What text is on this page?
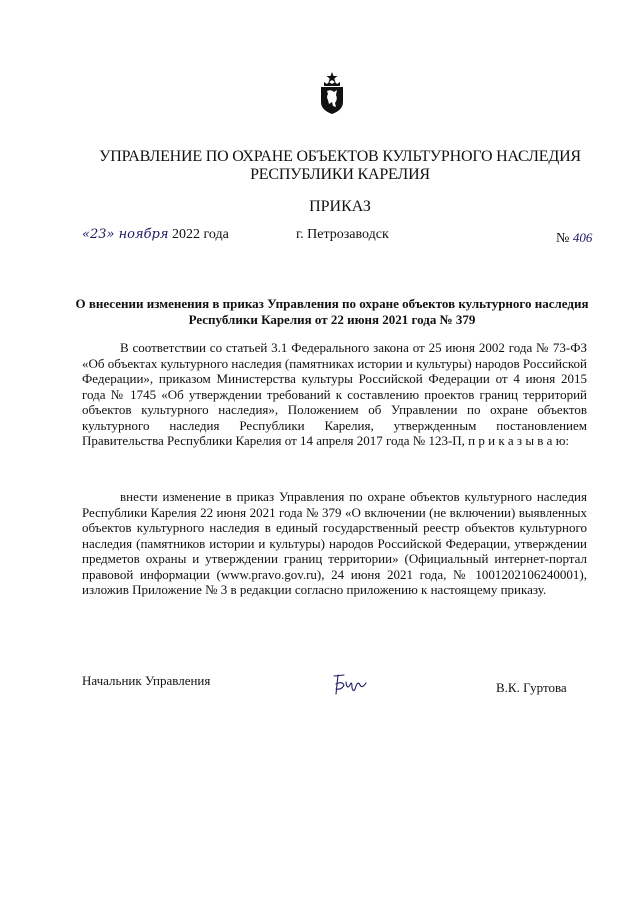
УПРАВЛЕНИЕ ПО ОХРАНЕ ОБЪЕКТОВ КУЛЬТУРНОГО НАСЛЕДИЯ
РЕСПУБЛИКИ КАРЕЛИЯ
ПРИКАЗ
«23» ноября 2022 года	г. Петрозаводск	№ 406
О внесении изменения в приказ Управления по охране объектов культурного наследия Республики Карелия от 22 июня 2021 года № 379
В соответствии со статьей 3.1 Федерального закона от 25 июня 2002 года № 73-ФЗ «Об объектах культурного наследия (памятниках истории и культуры) народов Российской Федерации», приказом Министерства культуры Российской Федерации от 4 июня 2015 года № 1745 «Об утверждении требований к составлению проектов границ территорий объектов культурного наследия», Положением об Управлении по охране объектов культурного наследия Республики Карелия, утвержденным постановлением Правительства Республики Карелия от 14 апреля 2017 года № 123-П, п р и к а з ы в а ю:
внести изменение в приказ Управления по охране объектов культурного наследия Республики Карелия 22 июня 2021 года № 379 «О включении (не включении) выявленных объектов культурного наследия в единый государственный реестр объектов культурного наследия (памятников истории и культуры) народов Российской Федерации, утверждении предметов охраны и утверждении границ территории» (Официальный интернет-портал правовой информации (www.pravo.gov.ru), 24 июня 2021 года, № 1001202106240001), изложив Приложение № 3 в редакции согласно приложению к настоящему приказу.
Начальник Управления	В.К. Гуртова
